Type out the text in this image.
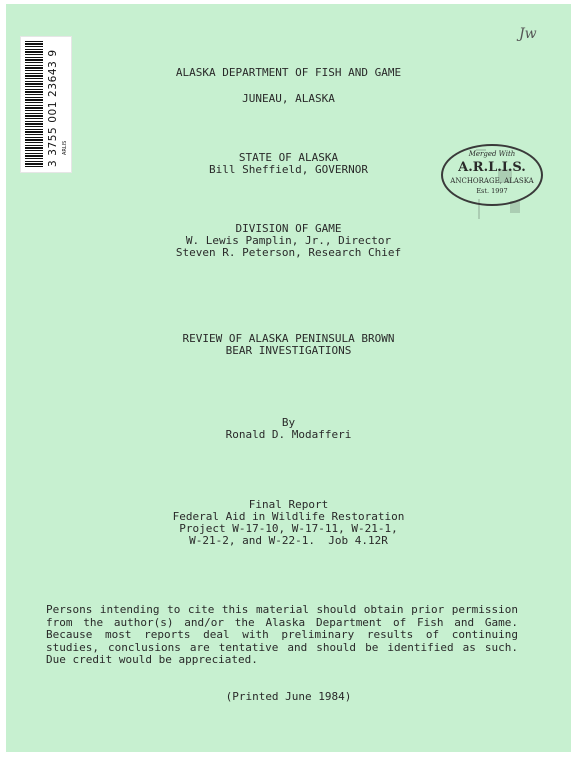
3 3755 001 23643 9 ARLIS
Jw
Merged With
A.R.L.I.S.
ANCHORAGE, ALASKA
Est. 1997
ALASKA DEPARTMENT OF FISH AND GAME
JUNEAU, ALASKA
STATE OF ALASKA
Bill Sheffield, GOVERNOR
DIVISION OF GAME
W. Lewis Pamplin, Jr., Director
Steven R. Peterson, Research Chief
REVIEW OF ALASKA PENINSULA BROWN
BEAR INVESTIGATIONS
By
Ronald D. Modafferi
Final Report
Federal Aid in Wildlife Restoration
Project W-17-10, W-17-11, W-21-1,
W-21-2, and W-22-1.  Job 4.12R
Persons intending to cite this material should obtain prior permission from the author(s) and/or the Alaska Department of Fish and Game. Because most reports deal with preliminary results of continuing studies, conclusions are tentative and should be identified as such. Due credit would be appreciated.
(Printed June 1984)
